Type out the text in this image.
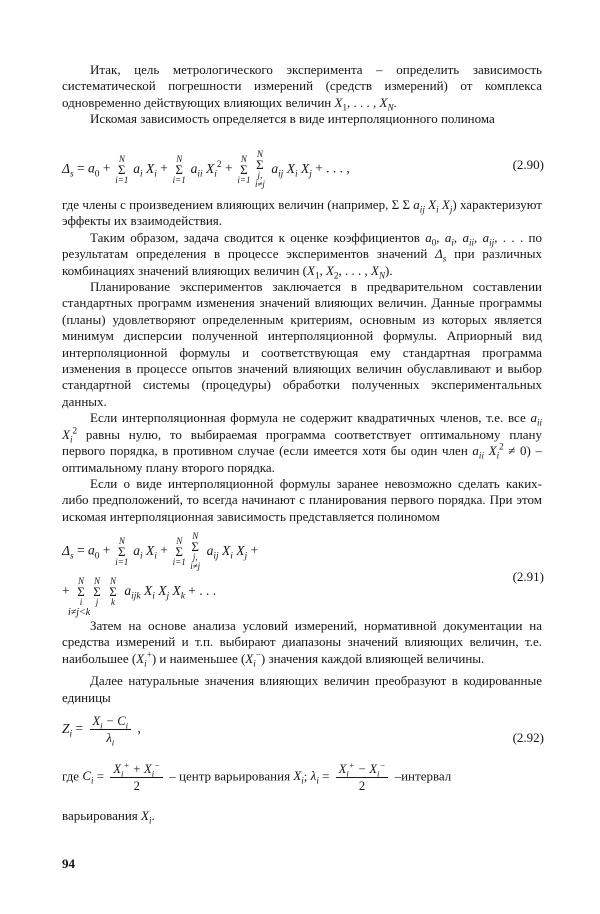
Итак, цель метрологического эксперимента – определить зависимость систематической погрешности измерений (средств измерений) от комплекса одновременно действующих влияющих величин $X_1$, . . . , $X_N$.

Искомая зависимость определяется в виде интерполяционного полинома

$\Delta_s = a_0$ +
N
Σ
i=1
$a_i$ $X_i$ +
N
Σ
i=1
$a_{ii}$ $X_i^2$ +
N
Σ
i=1
N
Σ
j, i≠j
$a_{ij}$ $X_i$ $X_j$ + . . . ,	(2.90)

где члены с произведением влияющих величин (например, Σ Σ $a_{ij}$ $X_i$ $X_j$) характеризуют эффекты их взаимодействия.

Таким образом, задача сводится к оценке коэффициентов $a_0$, $a_i$, $a_{ii}$, $a_{ij}$, . . . по результатам определения в процессе экспериментов значений $\Delta_s$ при различных комбинациях значений влияющих величин ($X_1$, $X_2$, . . . , $X_N$).

Планирование экспериментов заключается в предварительном составлении стандартных программ изменения значений влияющих величин. Данные программы (планы) удовлетворяют определенным критериям, основным из которых является минимум дисперсии полученной интерполяционной формулы. Априорный вид интерполяционной формулы и соответствующая ему стандартная программа изменения в процессе опытов значений влияющих величин обуславливают и выбор стандартной системы (процедуры) обработки полученных экспериментальных данных.

Если интерполяционная формула не содержит квадратичных членов, т.е. все $a_{ii}$ $X_i^2$ равны нулю, то выбираемая программа соответствует оптимальному плану первого порядка, в противном случае (если имеется хотя бы один член $a_{ii}$ $X_i^2 \ne 0$) – оптимальному плану второго порядка.

Если о виде интерполяционной формулы заранее невозможно сделать каких-либо предположений, то всегда начинают с планирования первого порядка. При этом искомая интерполяционная зависимость представляется полиномом

$\Delta_s = a_0$ +
N
Σ
i=1
$a_i$ $X_i$ +
N
Σ
i=1
N
Σ
j, i≠j
$a_{ij}$ $X_i$ $X_j$ +
+
N
Σ
i
N
Σ
j
N
Σ
k
$a_{ijk}$ $X_i$ $X_j$ $X_k$ + . . .
i≠j<k
(2.91)

Затем на основе анализа условий измерений, нормативной документации на средства измерений и т.п. выбирают диапазоны значений влияющих величин, т.е. наибольшее $(X_i^+)$ и наименьшее $(X_i^-)$ значения каждой влияющей величины.

Далее натуральные значения влияющих величин преобразуют в кодированные единицы

$Z_i = \frac{X_i - C_i}{\lambda_i}$ ,
(2.92)
где $C_i = \frac{X_i^+ + X_i^-}{2}$ – центр варьирования $X_i$; $\lambda_i = \frac{X_i^+ - X_i^-}{2}$ –интервал
варьирования $X_i$.
94
